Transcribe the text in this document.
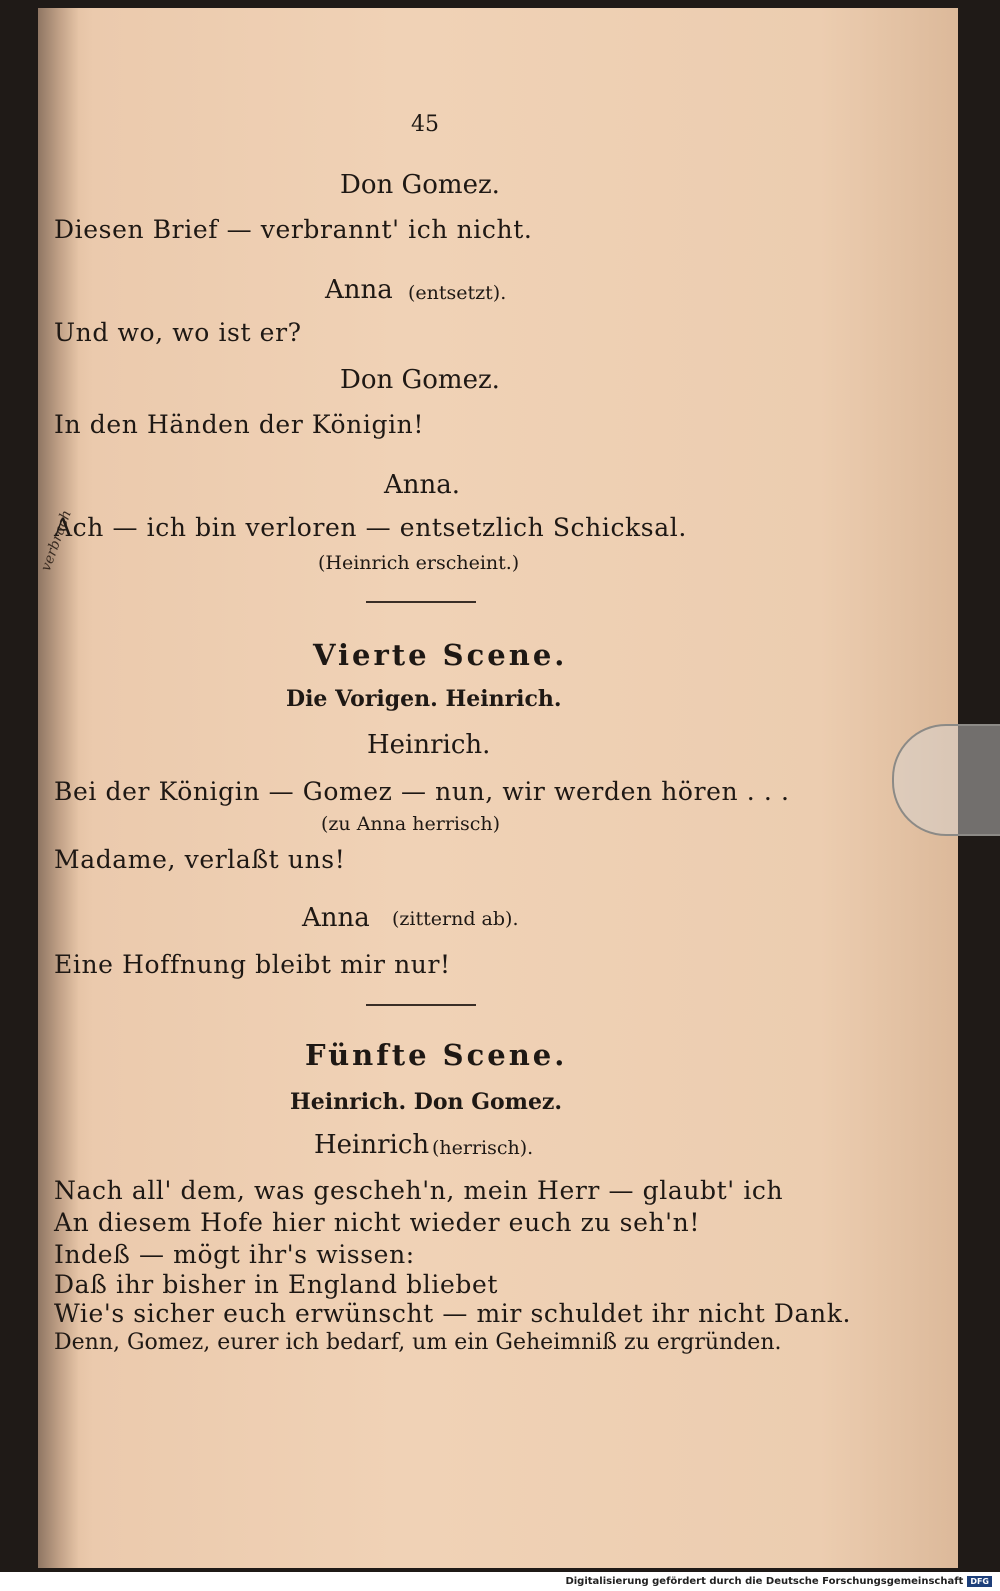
verbrach
45
Don Gomez.
Diesen Brief — verbrannt' ich nicht.
Anna (entsetzt).
Und wo, wo ist er?
Don Gomez.
In den Händen der Königin!
Anna.
Ach — ich bin verloren — entsetzlich Schicksal.
(Heinrich erscheint.)
Vierte Scene.
Die Vorigen. Heinrich.
Heinrich.
Bei der Königin — Gomez — nun, wir werden hören . . .
(zu Anna herrisch)
Madame, verlaßt uns!
Anna (zitternd ab).
Eine Hoffnung bleibt mir nur!
Fünfte Scene.
Heinrich. Don Gomez.
Heinrich (herrisch).
Nach all' dem, was gescheh'n, mein Herr — glaubt' ich
An diesem Hofe hier nicht wieder euch zu seh'n!
Indeß — mögt ihr's wissen:
Daß ihr bisher in England bliebet
Wie's sicher euch erwünscht — mir schuldet ihr nicht Dank.
Denn, Gomez, eurer ich bedarf, um ein Geheimniß zu ergründen.
Digitalisierung gefördert durch die Deutsche Forschungsgemeinschaft DFG
